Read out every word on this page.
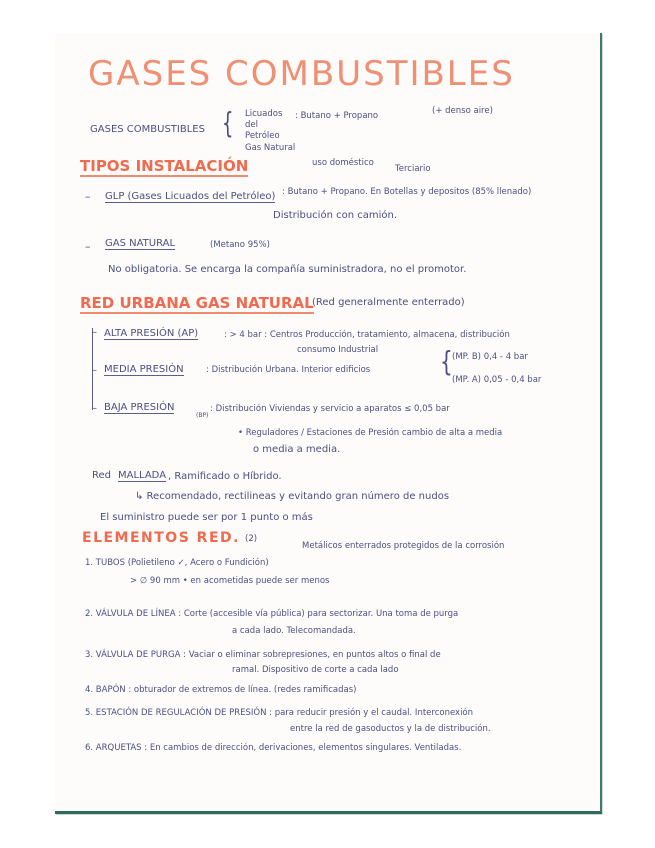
GASES COMBUSTIBLES
GASES COMBUSTIBLES { Licuados del Petróleo
: Butano + Propano	(+ denso aire)
Gas Natural
TIPOS INSTALACIÓN	uso doméstico
Terciario
– GLP (Gases Licuados del Petróleo) : Butano + Propano. En Botellas y depositos (85% llenado)
Distribución con camión.
– GAS NATURAL	(Metano 95%)
No obligatoria. Se encarga la compañía suministradora, no el promotor.
RED URBANA GAS NATURAL
(Red generalmente enterrado)
– ALTA PRESIÓN (AP)	: > 4 bar : Centros Producción, tratamiento, almacena, distribución
consumo Industrial
– MEDIA PRESIÓN	: Distribución Urbana. Interior edificios	{ (MP. B) 0,4 - 4 bar
(MP. A) 0,05 - 0,4 bar
– BAJA PRESIÓN
(BP)
: Distribución Viviendas y servicio a aparatos ≤ 0,05 bar
• Reguladores / Estaciones de Presión cambio de alta a media
o media a media.
Red MALLADA , Ramificado o Híbrido.
↳ Recomendado, rectilineas y evitando gran número de nudos
El suministro puede ser por 1 punto o más
ELEMENTOS RED. (2)
Metálicos enterrados protegidos de la corrosión
1. TUBOS (Polietileno ✓, Acero o Fundición)
> ∅ 90 mm • en acometidas puede ser menos
2. VÁLVULA DE LÍNEA : Corte (accesible vía pública) para sectorizar. Una toma de purga
a cada lado. Telecomandada.
3. VÁLVULA DE PURGA : Vaciar o eliminar sobrepresiones, en puntos altos o final de
ramal. Dispositivo de corte a cada lado
4. BAPÓN : obturador de extremos de línea. (redes ramificadas)
5. ESTACIÓN DE REGULACIÓN DE PRESIÓN : para reducir presión y el caudal. Interconexión
entre la red de gasoductos y la de distribución.
6. ARQUETAS : En cambios de dirección, derivaciones, elementos singulares. Ventiladas.
